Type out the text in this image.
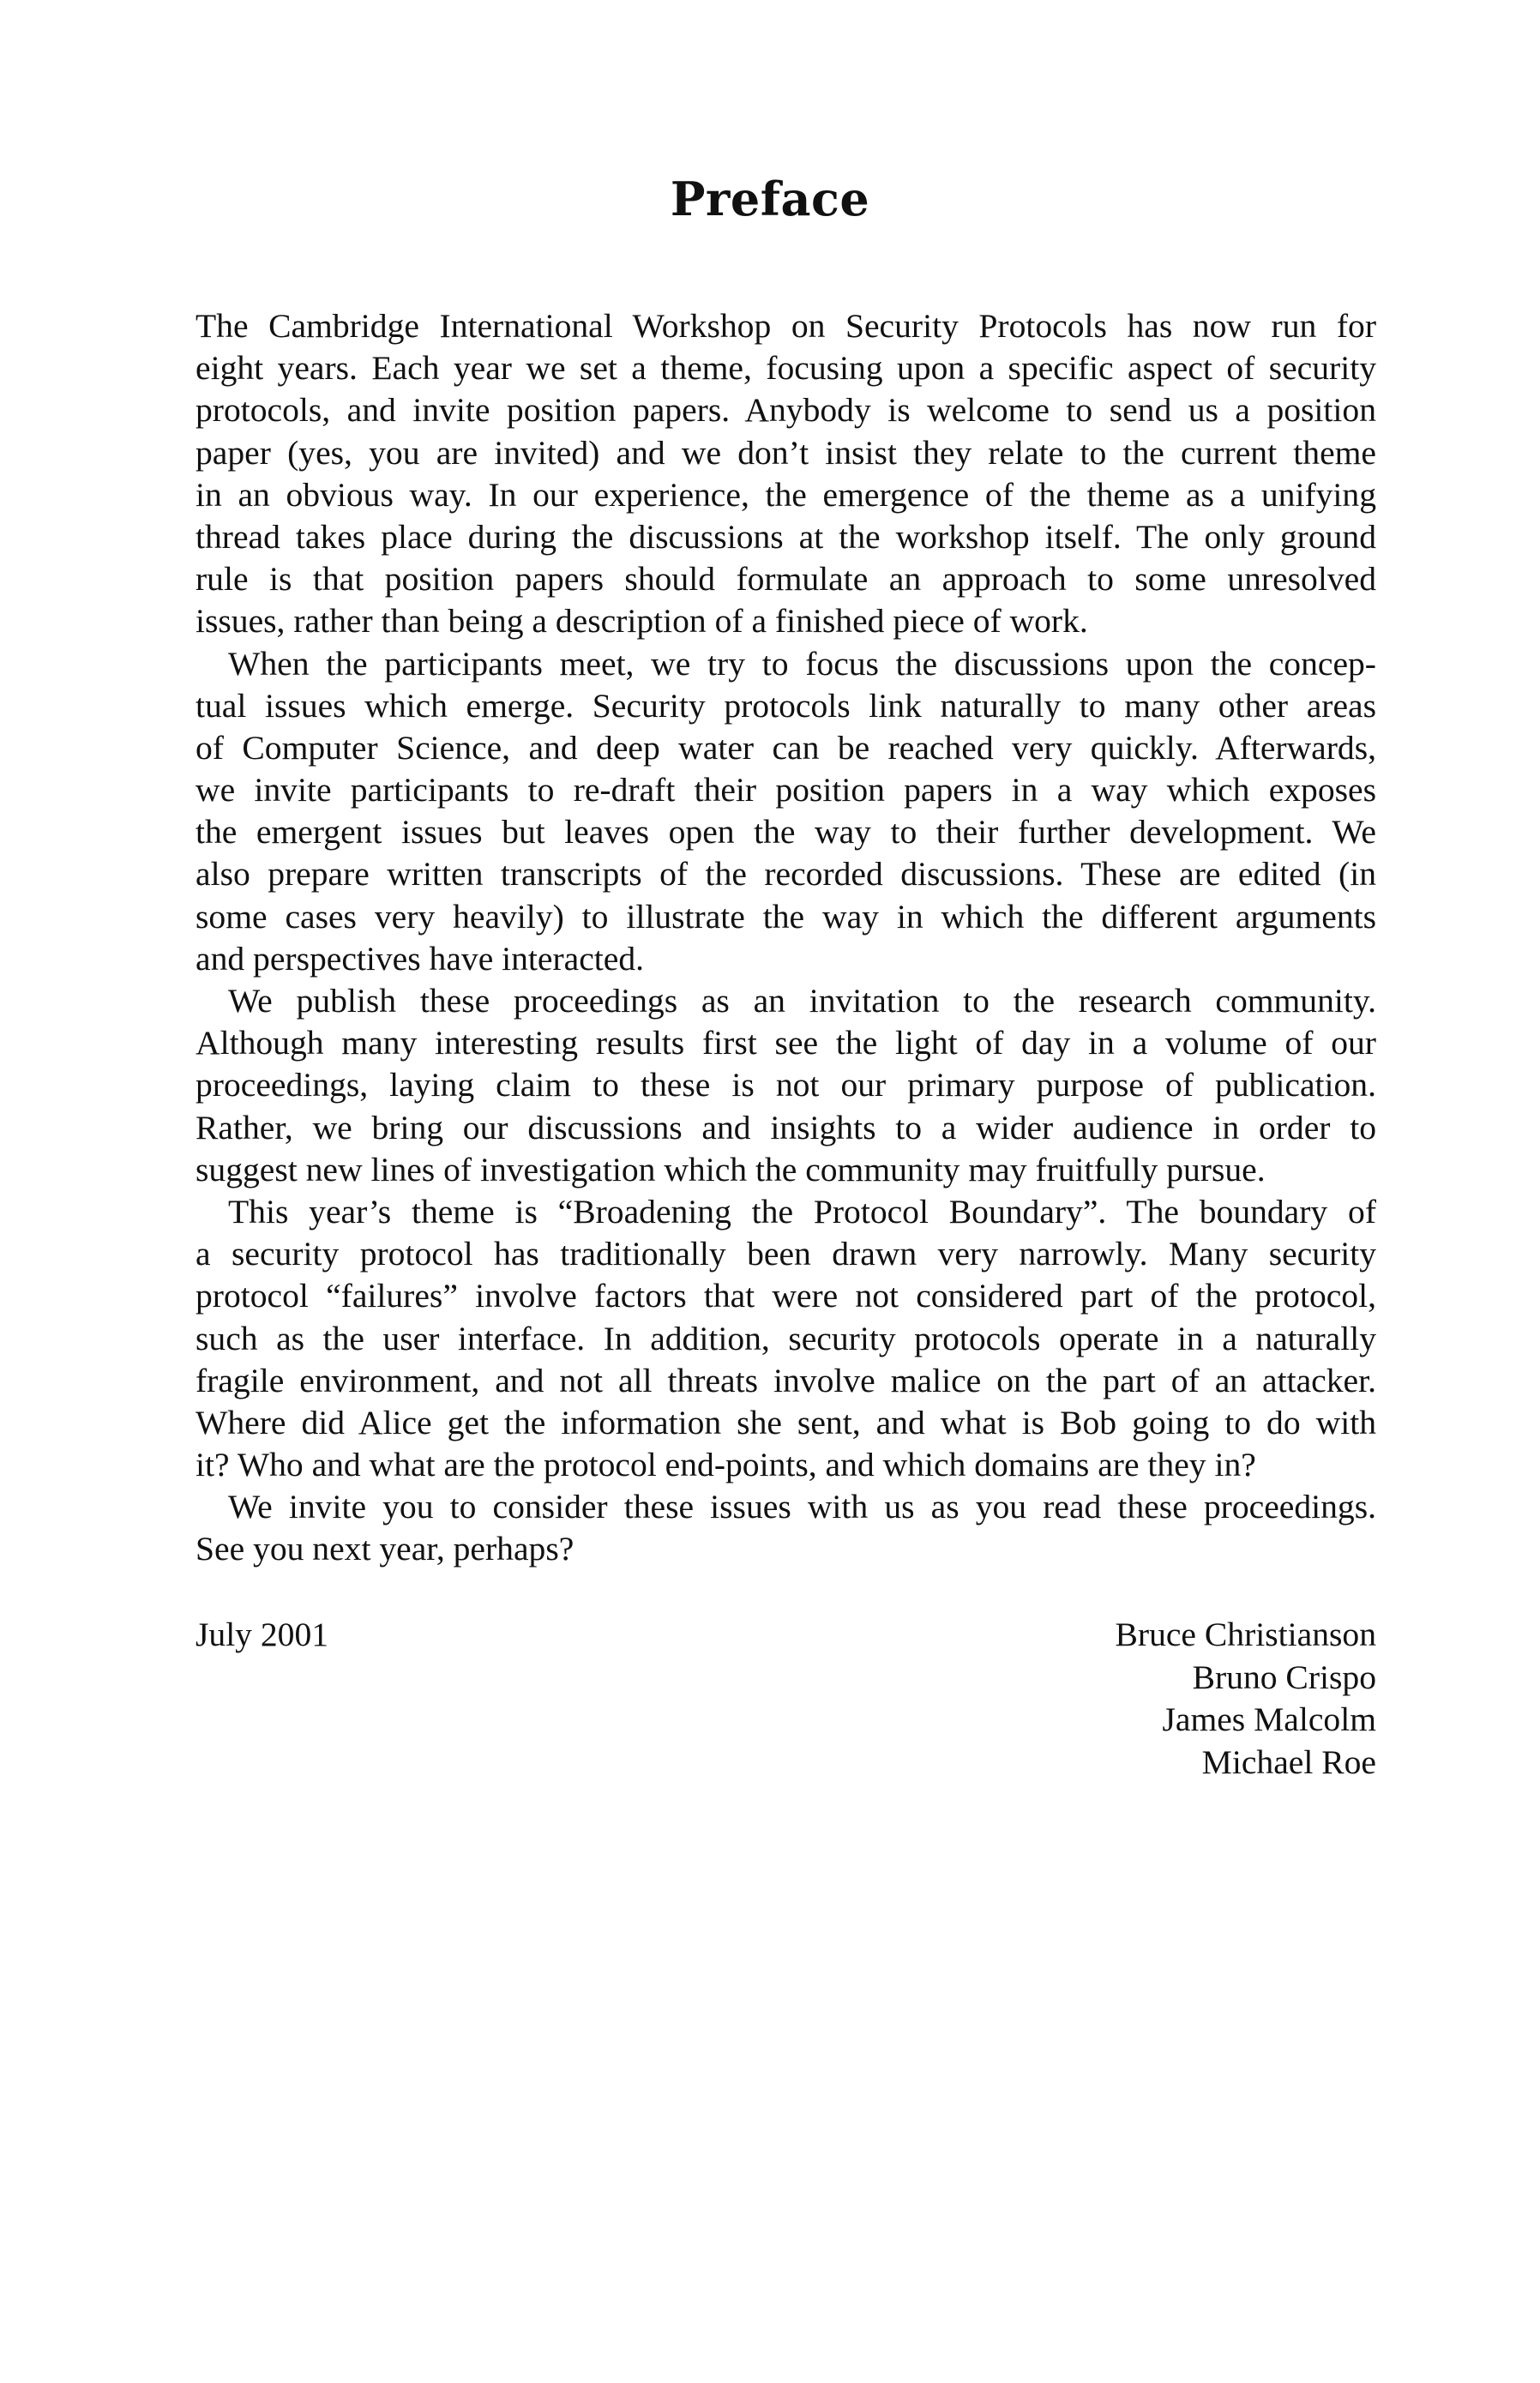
Preface

The Cambridge International Workshop on Security Protocols has now run for
eight years. Each year we set a theme, focusing upon a specific aspect of security
protocols, and invite position papers. Anybody is welcome to send us a position
paper (yes, you are invited) and we don’t insist they relate to the current theme
in an obvious way. In our experience, the emergence of the theme as a unifying
thread takes place during the discussions at the workshop itself. The only ground
rule is that position papers should formulate an approach to some unresolved
issues, rather than being a description of a finished piece of work.

When the participants meet, we try to focus the discussions upon the concep-
tual issues which emerge. Security protocols link naturally to many other areas
of Computer Science, and deep water can be reached very quickly. Afterwards,
we invite participants to re-draft their position papers in a way which exposes
the emergent issues but leaves open the way to their further development. We
also prepare written transcripts of the recorded discussions. These are edited (in
some cases very heavily) to illustrate the way in which the different arguments
and perspectives have interacted.

We publish these proceedings as an invitation to the research community.
Although many interesting results first see the light of day in a volume of our
proceedings, laying claim to these is not our primary purpose of publication.
Rather, we bring our discussions and insights to a wider audience in order to
suggest new lines of investigation which the community may fruitfully pursue.

This year’s theme is “Broadening the Protocol Boundary”. The boundary of
a security protocol has traditionally been drawn very narrowly. Many security
protocol “failures” involve factors that were not considered part of the protocol,
such as the user interface. In addition, security protocols operate in a naturally
fragile environment, and not all threats involve malice on the part of an attacker.
Where did Alice get the information she sent, and what is Bob going to do with
it? Who and what are the protocol end-points, and which domains are they in?

We invite you to consider these issues with us as you read these proceedings.
See you next year, perhaps?

July 2001	Bruce Christianson
Bruno Crispo
James Malcolm
Michael Roe
